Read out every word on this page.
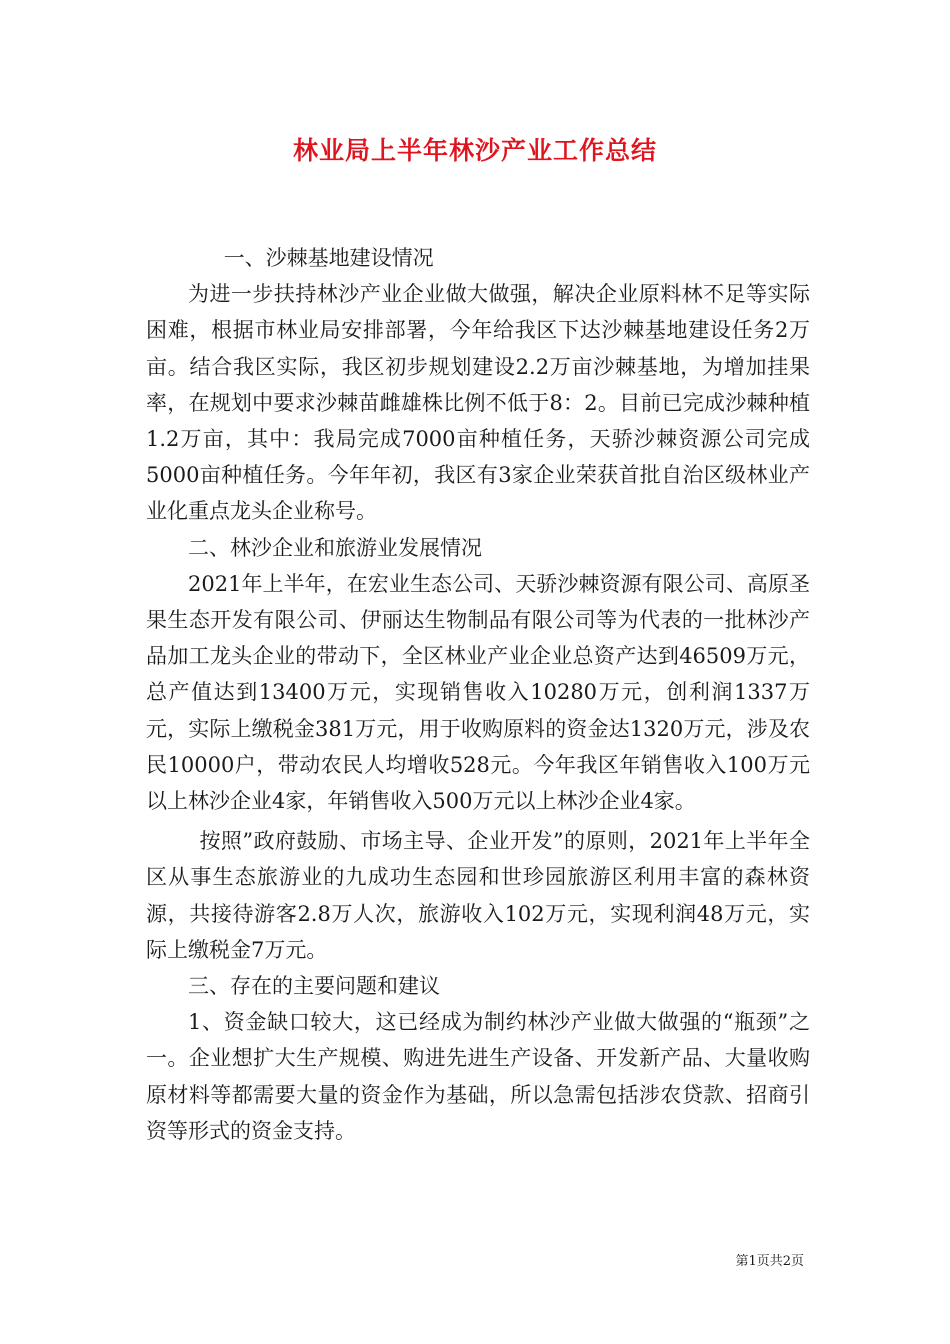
林业局上半年林沙产业工作总结

一、沙棘基地建设情况

为进一步扶持林沙产业企业做大做强，解决企业原料林不足等实际困难，根据市林业局安排部署，今年给我区下达沙棘基地建设任务2万亩。结合我区实际，我区初步规划建设2.2万亩沙棘基地，为增加挂果率，在规划中要求沙棘苗雌雄株比例不低于8：2。目前已完成沙棘种植1.2万亩，其中：我局完成7000亩种植任务，天骄沙棘资源公司完成5000亩种植任务。今年年初，我区有3家企业荣获首批自治区级林业产业化重点龙头企业称号。

二、林沙企业和旅游业发展情况

2021年上半年，在宏业生态公司、天骄沙棘资源有限公司、高原圣果生态开发有限公司、伊丽达生物制品有限公司等为代表的一批林沙产品加工龙头企业的带动下，全区林业产业企业总资产达到46509万元，总产值达到13400万元，实现销售收入10280万元，创利润1337万元，实际上缴税金381万元，用于收购原料的资金达1320万元，涉及农民10000户，带动农民人均增收528元。今年我区年销售收入100万元以上林沙企业4家，年销售收入500万元以上林沙企业4家。

按照”政府鼓励、市场主导、企业开发”的原则，2021年上半年全区从事生态旅游业的九成功生态园和世珍园旅游区利用丰富的森林资源，共接待游客2.8万人次，旅游收入102万元，实现利润48万元，实际上缴税金7万元。

三、存在的主要问题和建议

1、资金缺口较大，这已经成为制约林沙产业做大做强的“瓶颈”之一。企业想扩大生产规模、购进先进生产设备、开发新产品、大量收购原材料等都需要大量的资金作为基础，所以急需包括涉农贷款、招商引资等形式的资金支持。

第1页共2页
